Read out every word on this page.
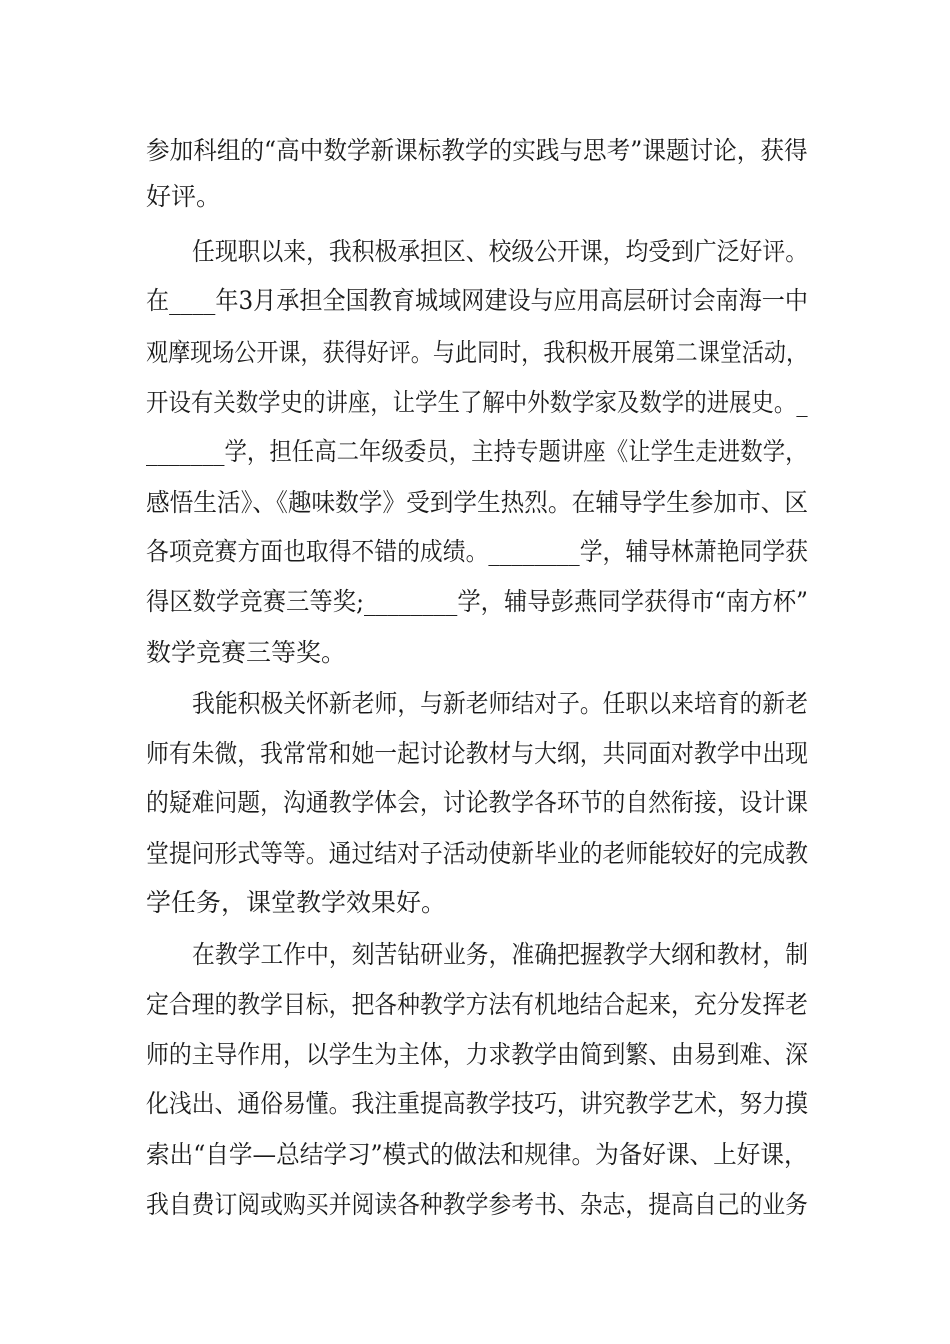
参加科组的“高中数学新课标教学的实践与思考”课题讨论，获得
好评。
任现职以来，我积极承担区、校级公开课，均受到广泛好评。
在____年3月承担全国教育城域网建设与应用高层研讨会南海一中
观摩现场公开课，获得好评。与此同时，我积极开展第二课堂活动，
开设有关数学史的讲座，让学生了解中外数学家及数学的进展史。_
_______学，担任高二年级委员，主持专题讲座《让学生走进数学，
感悟生活》、《趣味数学》受到学生热烈。在辅导学生参加市、区
各项竞赛方面也取得不错的成绩。________学，辅导林萧艳同学获
得区数学竞赛三等奖;________学，辅导彭燕同学获得市“南方杯”
数学竞赛三等奖。
我能积极关怀新老师，与新老师结对子。任职以来培育的新老
师有朱微，我常常和她一起讨论教材与大纲，共同面对教学中出现
的疑难问题，沟通教学体会，讨论教学各环节的自然衔接，设计课
堂提问形式等等。通过结对子活动使新毕业的老师能较好的完成教
学任务，课堂教学效果好。
在教学工作中，刻苦钻研业务，准确把握教学大纲和教材，制
定合理的教学目标，把各种教学方法有机地结合起来，充分发挥老
师的主导作用，以学生为主体，力求教学由简到繁、由易到难、深
化浅出、通俗易懂。我注重提高教学技巧，讲究教学艺术，努力摸
索出“自学—总结学习”模式的做法和规律。为备好课、上好课，
我自费订阅或购买并阅读各种教学参考书、杂志，提高自己的业务
